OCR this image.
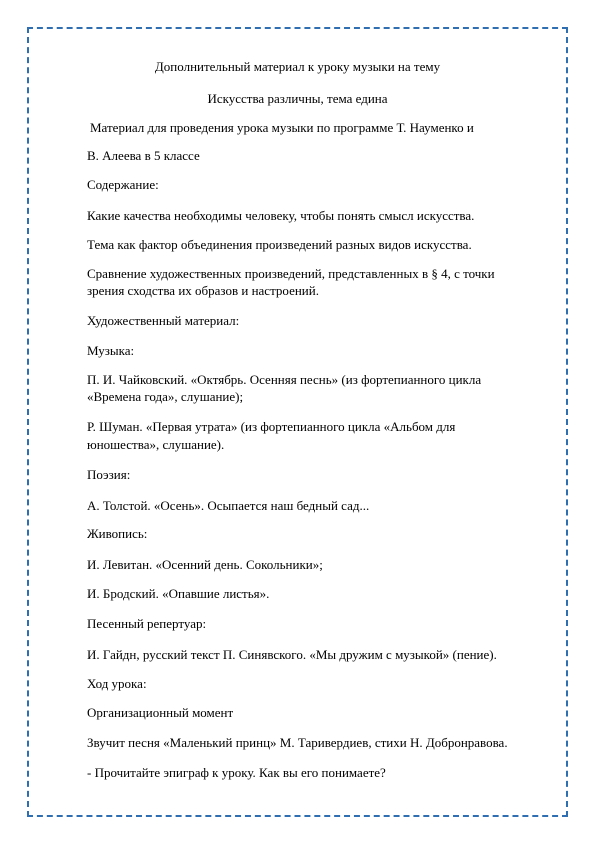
Дополнительный материал к уроку музыки на тему
Искусства различны, тема едина
Материал для проведения урока музыки по программе Т. Науменко и
В. Алеева в 5 классе
Содержание:
Какие качества необходимы человеку, чтобы понять смысл искусства.
Тема как фактор объединения произведений разных видов искусства.
Сравнение художественных произведений, представленных в § 4, с точки
зрения сходства их образов и настроений.
Художественный материал:
Музыка:
П. И. Чайковский. «Октябрь. Осенняя песнь» (из фортепианного цикла
«Времена года», слушание);
Р. Шуман. «Первая утрата» (из фортепианного цикла «Альбом для
юношества», слушание).
Поэзия:
А. Толстой. «Осень». Осыпается наш бедный сад...
Живопись:
И. Левитан. «Осенний день. Сокольники»;
И. Бродский. «Опавшие листья».
Песенный репертуар:
И. Гайдн, русский текст П. Синявского. «Мы дружим с музыкой» (пение).
Ход урока:
Организационный момент
Звучит песня «Маленький принц» М. Таривердиев, стихи Н. Добронравова.
- Прочитайте эпиграф к уроку. Как вы его понимаете?
